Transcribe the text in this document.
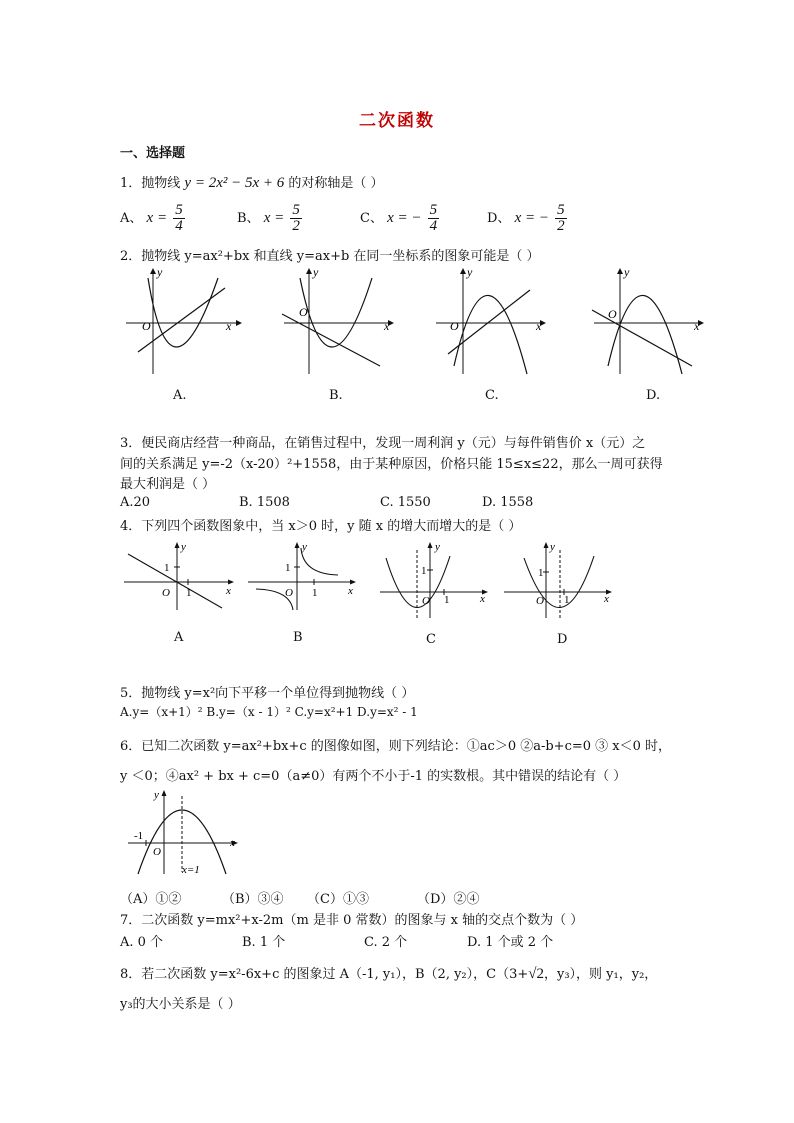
二次函数
一、选择题
1．抛物线 y = 2x² − 5x + 6 的对称轴是（ ）
A、 $x = \frac{5}{4}$	B、 $x = \frac{5}{2}$	C、 x = − $\frac{5}{4}$	D、 x = − $\frac{5}{2}$
2．抛物线 y=ax²+bx 和直线 y=ax+b 在同一坐标系的图象可能是（ ）
x
y
O	x
y
O
x
y
O	x
y
O
A.	B.	C.	D.
3．便民商店经营一种商品，在销售过程中，发现一周利润 y（元）与每件销售价 x（元）之
间的关系满足 y=-2（x-20）²+1558，由于某种原因，价格只能 15≤x≤22，那么一周可获得
最大利润是（ ）
A.20	B. 1508	C. 1550	D. 1558
4．下列四个函数图象中，当 x＞0 时，y 随 x 的增大而增大的是（ ）
1
1
O	x
y
1
1
O	x
y
1
1
O	x
y
1
1
O	x
y
A	B	C	D
5．抛物线 y=x²向下平移一个单位得到抛物线（ ）
A.y=（x+1）² B.y=（x - 1）² C.y=x²+1 D.y=x² - 1
6．已知二次函数 y=ax²+bx+c 的图像如图，则下列结论：①ac＞0 ②a-b+c=0 ③ x＜0 时，
y ＜0；④ax² + bx + c=0（a≠0）有两个不小于-1 的实数根。其中错误的结论有（ ）
-1
O
x
y
x=1
（A）①②	（B）③④ （C）①③	（D）②④
7．二次函数 y=mx²+x-2m（m 是非 0 常数）的图象与 x 轴的交点个数为（ ）
A. 0 个	B. 1 个	C. 2 个	D. 1 个或 2 个
8．若二次函数 y=x²-6x+c 的图象过 A（-1, y₁），B（2, y₂），C（3+√2，y₃），则 y₁，y₂，
y₃的大小关系是（ ）
